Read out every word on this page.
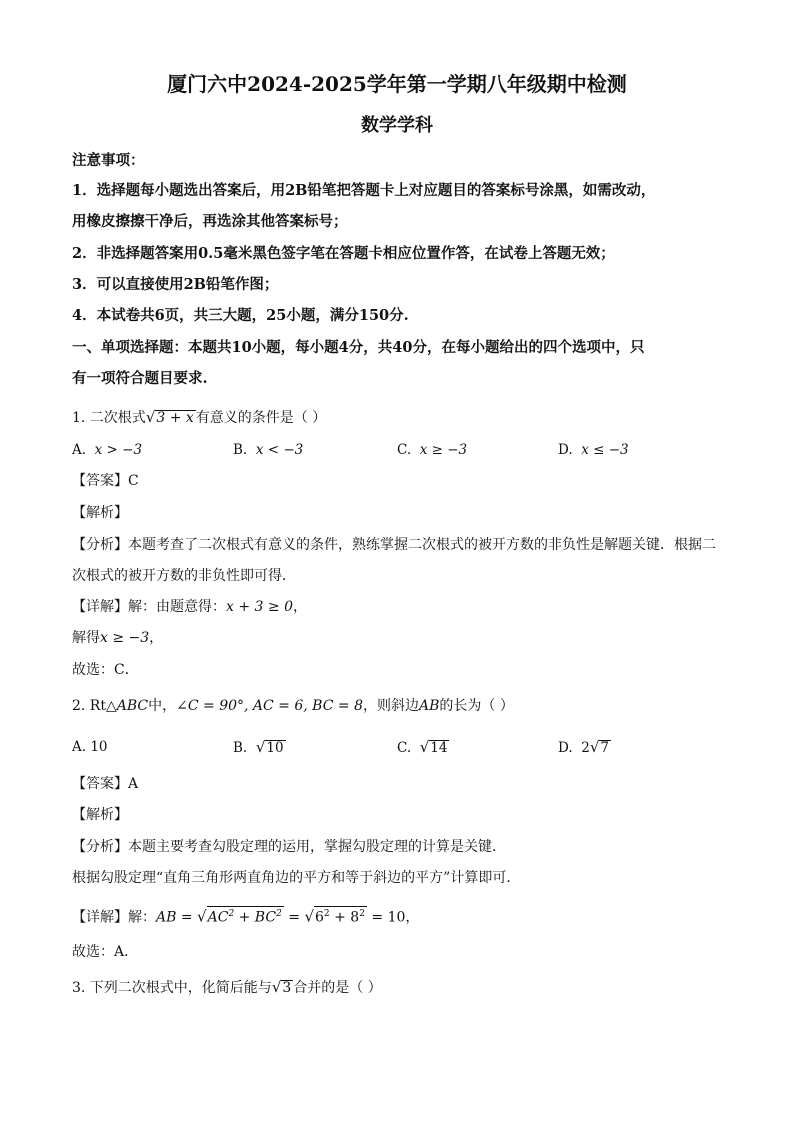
厦门六中2024-2025学年第一学期八年级期中检测
数学学科
注意事项：
1．选择题每小题选出答案后，用2B铅笔把答题卡上对应题目的答案标号涂黑，如需改动，
用橡皮擦擦干净后，再选涂其他答案标号；
2．非选择题答案用0.5毫米黑色签字笔在答题卡相应位置作答，在试卷上答题无效；
3．可以直接使用2B铅笔作图；
4．本试卷共6页，共三大题，25小题，满分150分.
一、单项选择题：本题共10小题，每小题4分，共40分，在每小题给出的四个选项中，只
有一项符合题目要求.
1. 二次根式√3 + x 有意义的条件是（ ）
A. x > −3	B. x < −3	C. x ≥ −3	D. x ≤ −3
【答案】C
【解析】
【分析】本题考查了二次根式有意义的条件，熟练掌握二次根式的被开方数的非负性是解题关键．根据二
次根式的被开方数的非负性即可得．
【详解】解：由题意得：x + 3 ≥ 0，
解得x ≥ −3，
故选：C．
2. Rt△ABC中，∠C = 90°, AC = 6, BC = 8，则斜边AB的长为（ ）
A. 10	B. √10	C. √14	D. 2√7
【答案】A
【解析】
【分析】本题主要考查勾股定理的运用，掌握勾股定理的计算是关键．
根据勾股定理“直角三角形两直角边的平方和等于斜边的平方”计算即可．
【详解】解：AB = $√AC^2 + BC^2 = √6^2 + 8^2 = 10$，
故选：A．
3. 下列二次根式中，化简后能与√3 合并的是（ ）
